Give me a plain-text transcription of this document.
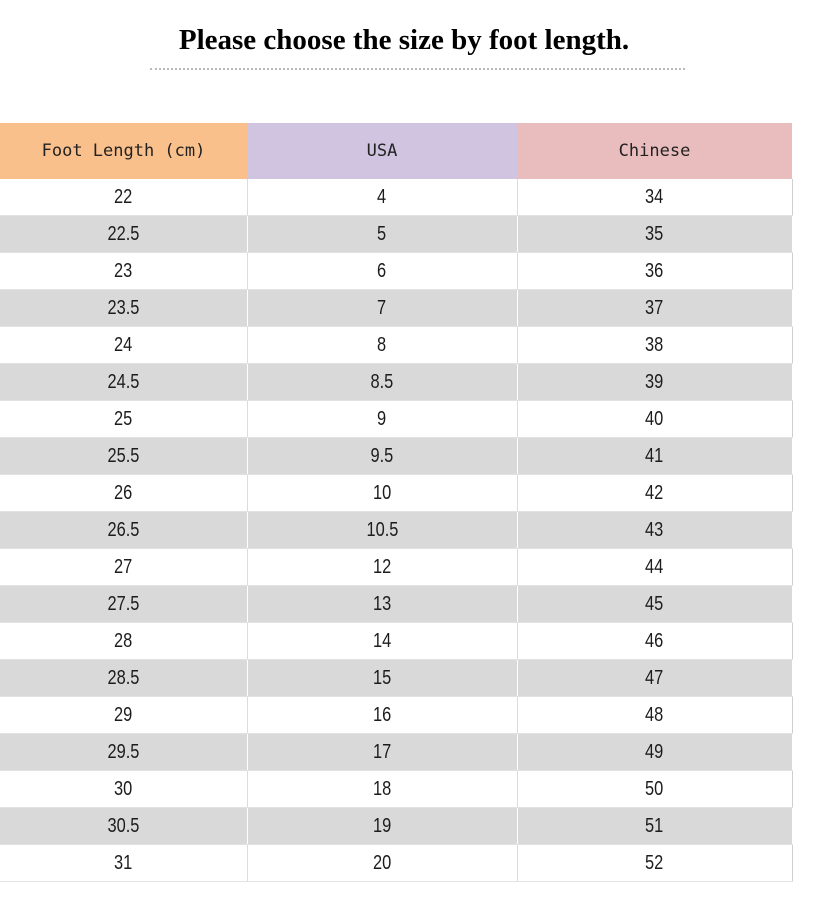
Please choose the size by foot length.
Foot Length (cm)	USA	Chinese
22	4	34
22.5	5	35
23	6	36
23.5	7	37
24	8	38
24.5	8.5	39
25	9	40
25.5	9.5	41
26	10	42
26.5	10.5	43
27	12	44
27.5	13	45
28	14	46
28.5	15	47
29	16	48
29.5	17	49
30	18	50
30.5	19	51
31	20	52
